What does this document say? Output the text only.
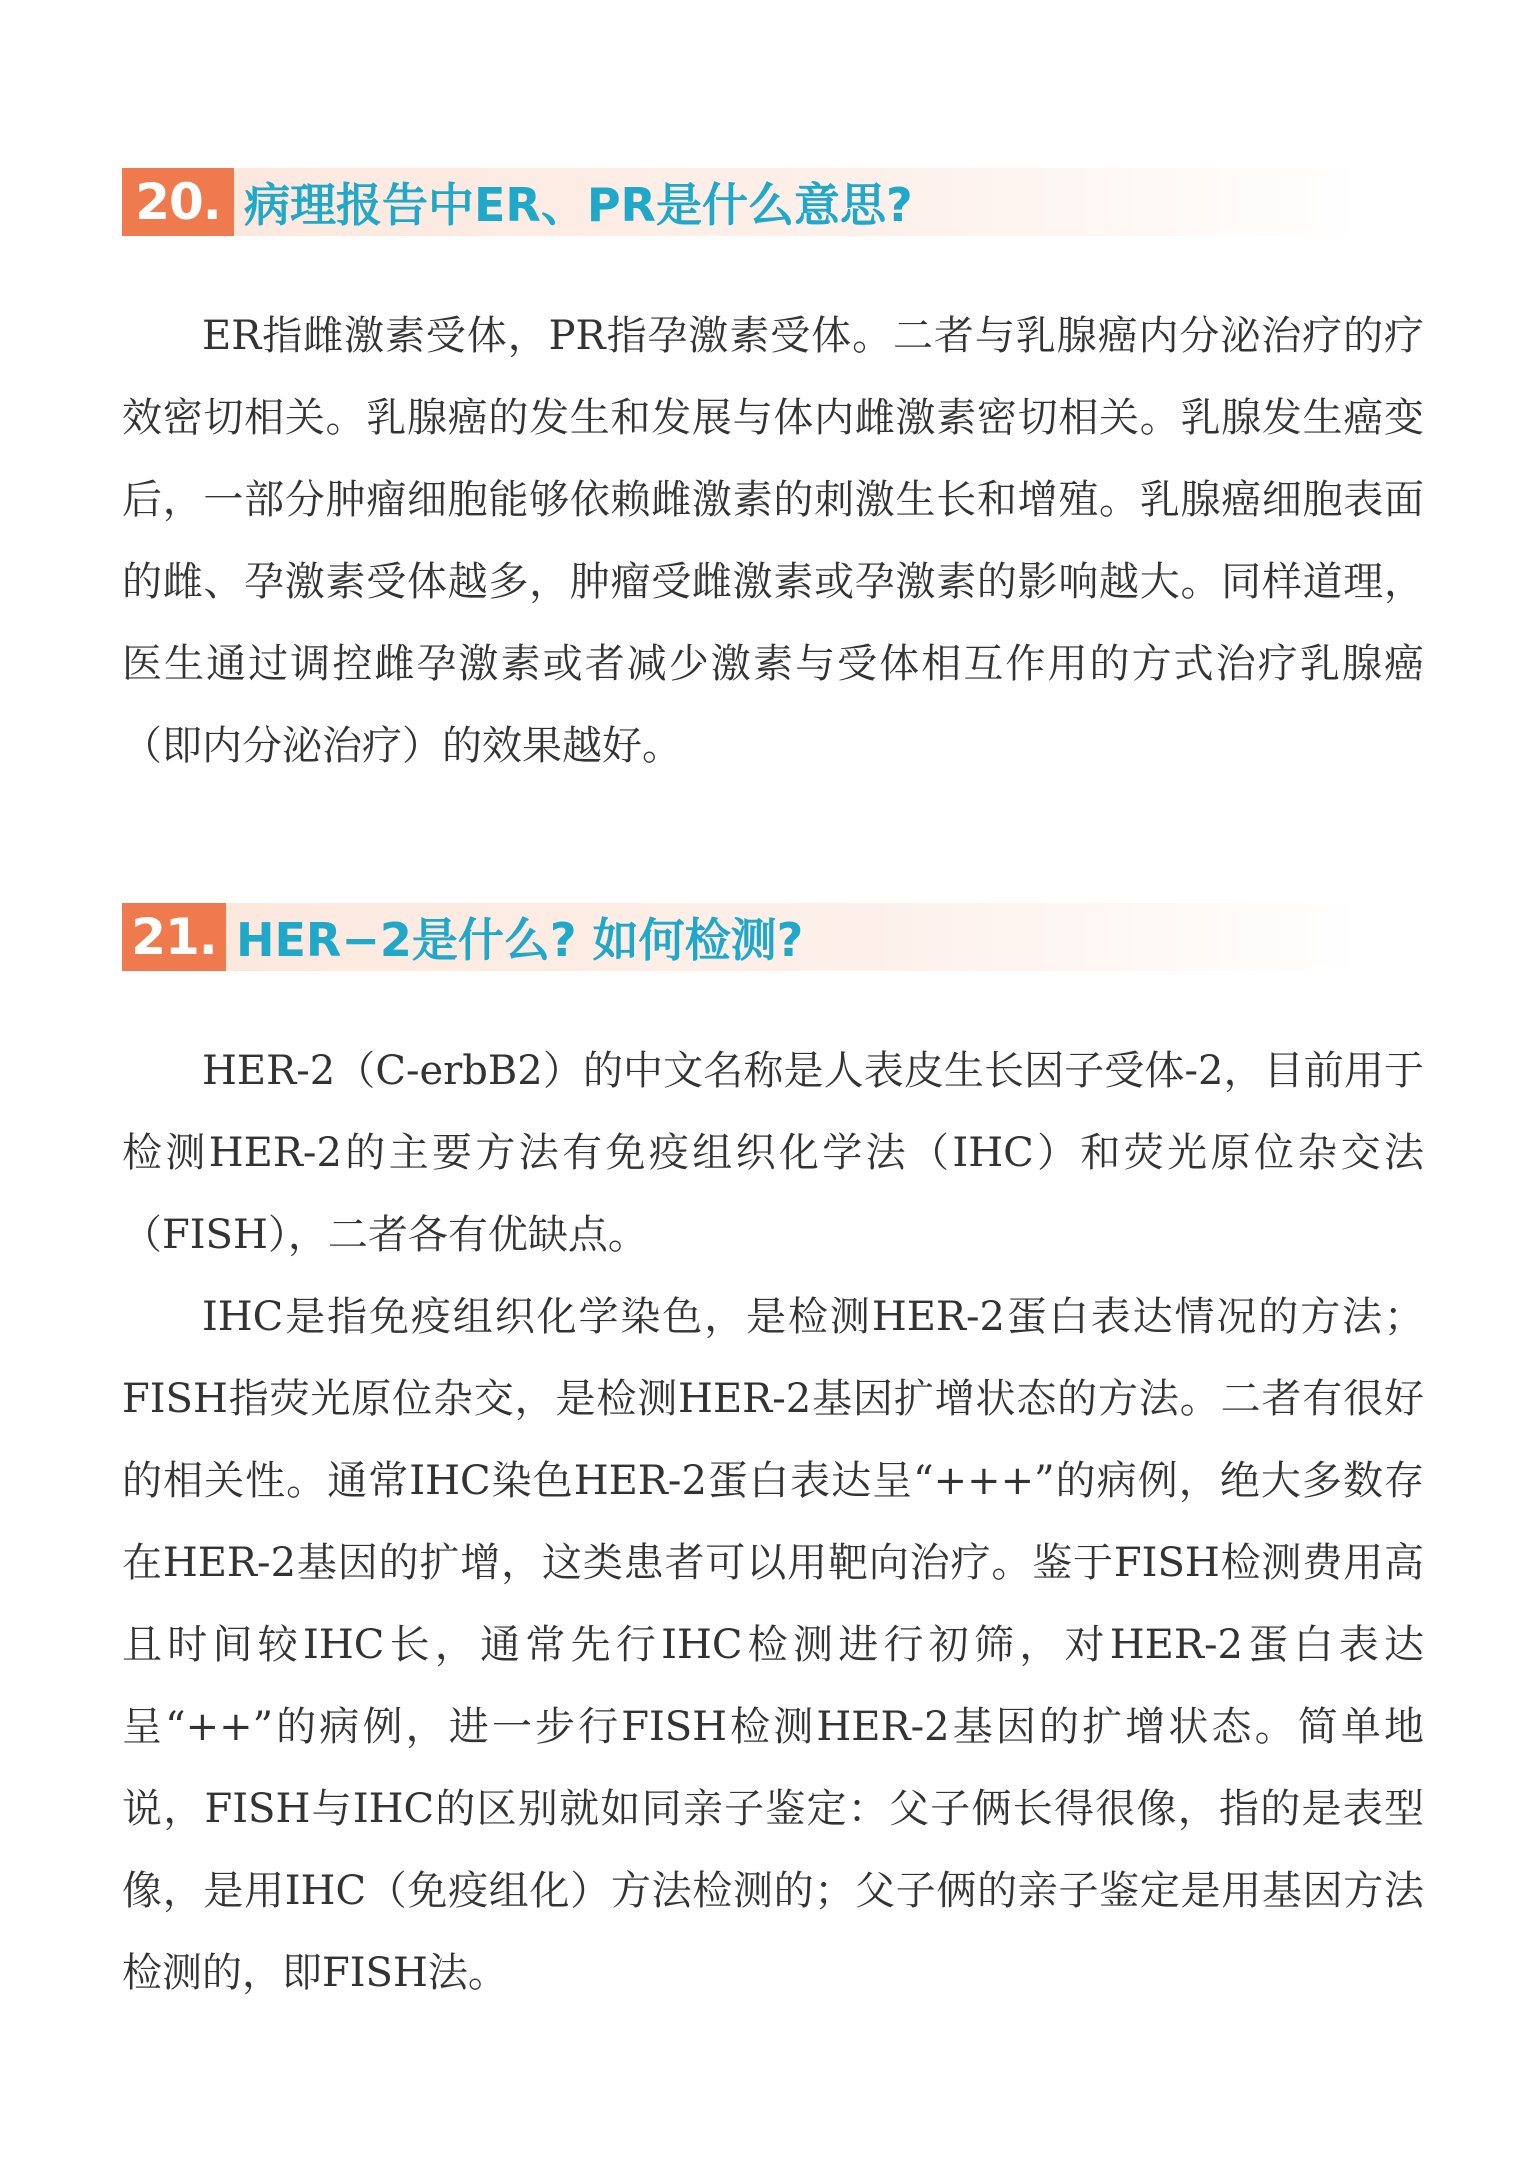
20. 病理报告中ER、PR是什么意思?

ER指雌激素受体，PR指孕激素受体。二者与乳腺癌内分泌治疗的疗效密切相关。乳腺癌的发生和发展与体内雌激素密切相关。乳腺发生癌变后，一部分肿瘤细胞能够依赖雌激素的刺激生长和增殖。乳腺癌细胞表面的雌、孕激素受体越多，肿瘤受雌激素或孕激素的影响越大。同样道理，医生通过调控雌孕激素或者减少激素与受体相互作用的方式治疗乳腺癌（即内分泌治疗）的效果越好。

21. HER−2是什么? 如何检测?

HER-2（C-erbB2）的中文名称是人表皮生长因子受体-2，目前用于检测HER-2的主要方法有免疫组织化学法（IHC）和荧光原位杂交法（FISH），二者各有优缺点。

IHC是指免疫组织化学染色，是检测HER-2蛋白表达情况的方法；FISH指荧光原位杂交，是检测HER-2基因扩增状态的方法。二者有很好的相关性。通常IHC染色HER-2蛋白表达呈“+++”的病例，绝大多数存在HER-2基因的扩增，这类患者可以用靶向治疗。鉴于FISH检测费用高且时间较IHC长，通常先行IHC检测进行初筛，对HER-2蛋白表达呈“++”的病例，进一步行FISH检测HER-2基因的扩增状态。简单地说，FISH与IHC的区别就如同亲子鉴定：父子俩长得很像，指的是表型像，是用IHC（免疫组化）方法检测的；父子俩的亲子鉴定是用基因方法检测的，即FISH法。
